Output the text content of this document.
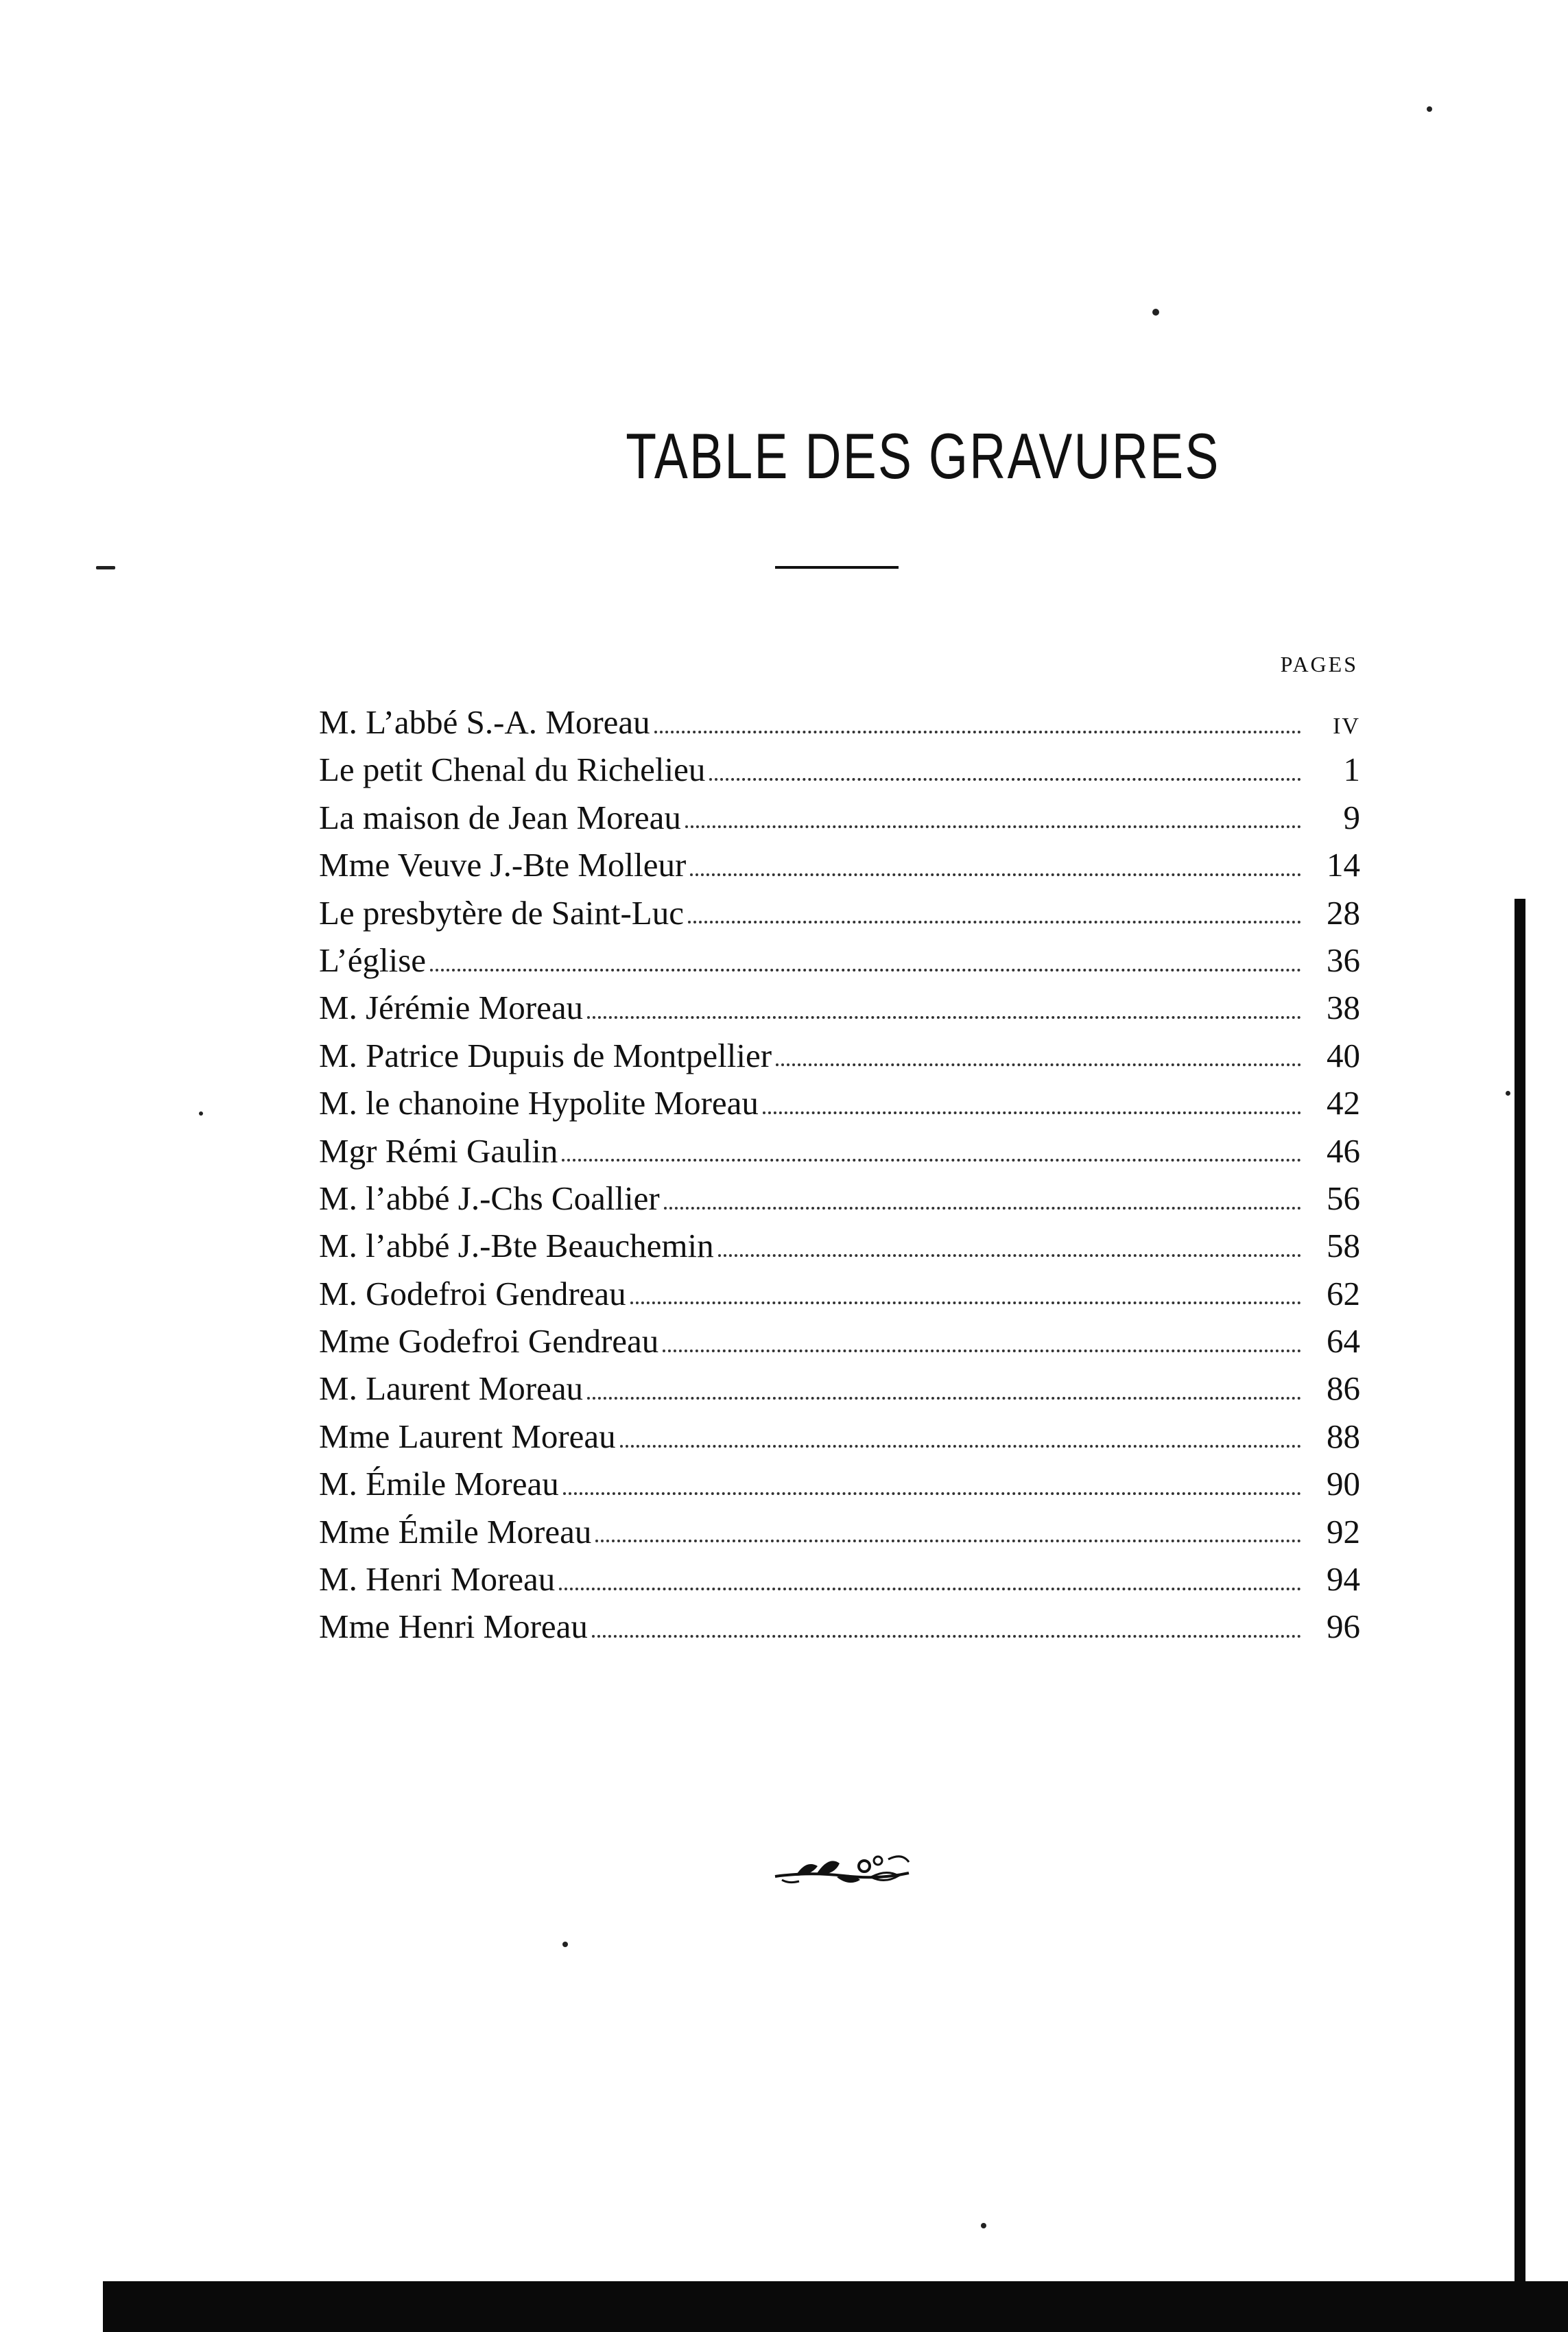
TABLE DES GRAVURES
PAGES
M. L’abbé S.-A. Moreau	iv
Le petit Chenal du Richelieu	1
La maison de Jean Moreau	9
Mme Veuve J.-Bte Molleur	14
Le presbytère de Saint-Luc	28
L’église	36
M. Jérémie Moreau	38
M. Patrice Dupuis de Montpellier	40
M. le chanoine Hypolite Moreau	42
Mgr Rémi Gaulin	46
M. l’abbé J.-Chs Coallier	56
M. l’abbé J.-Bte Beauchemin	58
M. Godefroi Gendreau	62
Mme Godefroi Gendreau	64
M. Laurent Moreau	86
Mme Laurent Moreau	88
M. Émile Moreau	90
Mme Émile Moreau	92
M. Henri Moreau	94
Mme Henri Moreau	96
